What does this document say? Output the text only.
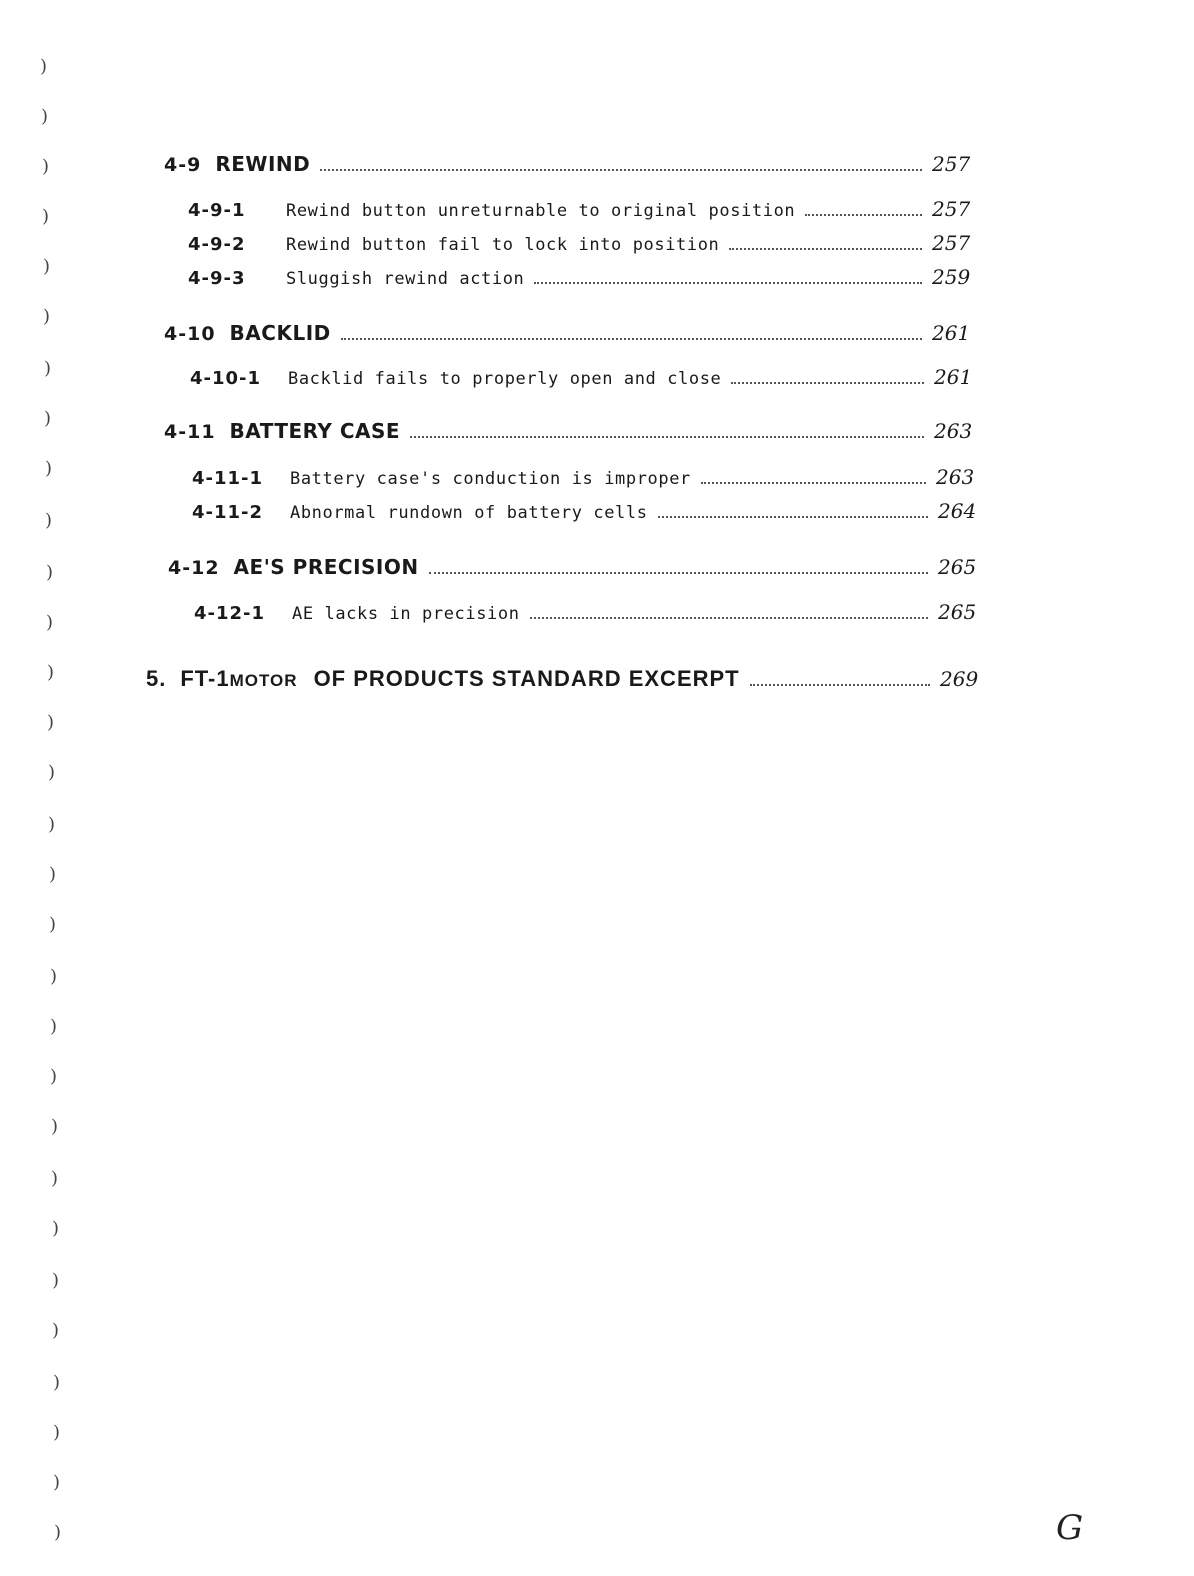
)
)
)
)
)
)
)
)
)
)
)
)
)
)
)
)
)
)
)
)
)
)
)
)
)
)
)
)
)
)
4-9 REWIND	257
4-9-1	Rewind button unreturnable to original position	257
4-9-2	Rewind button fail to lock into position	257
4-9-3	Sluggish rewind action	259
4-10 BACKLID	261
4-10-1	Backlid fails to properly open and close	261
4-11 BATTERY CASE	263
4-11-1	Battery case's conduction is improper	263
4-11-2	Abnormal rundown of battery cells	264
4-12 AE'S PRECISION	265
4-12-1	AE lacks in precision	265
5. FT-1 MOTOR OF PRODUCTS STANDARD EXCERPT	269
G
